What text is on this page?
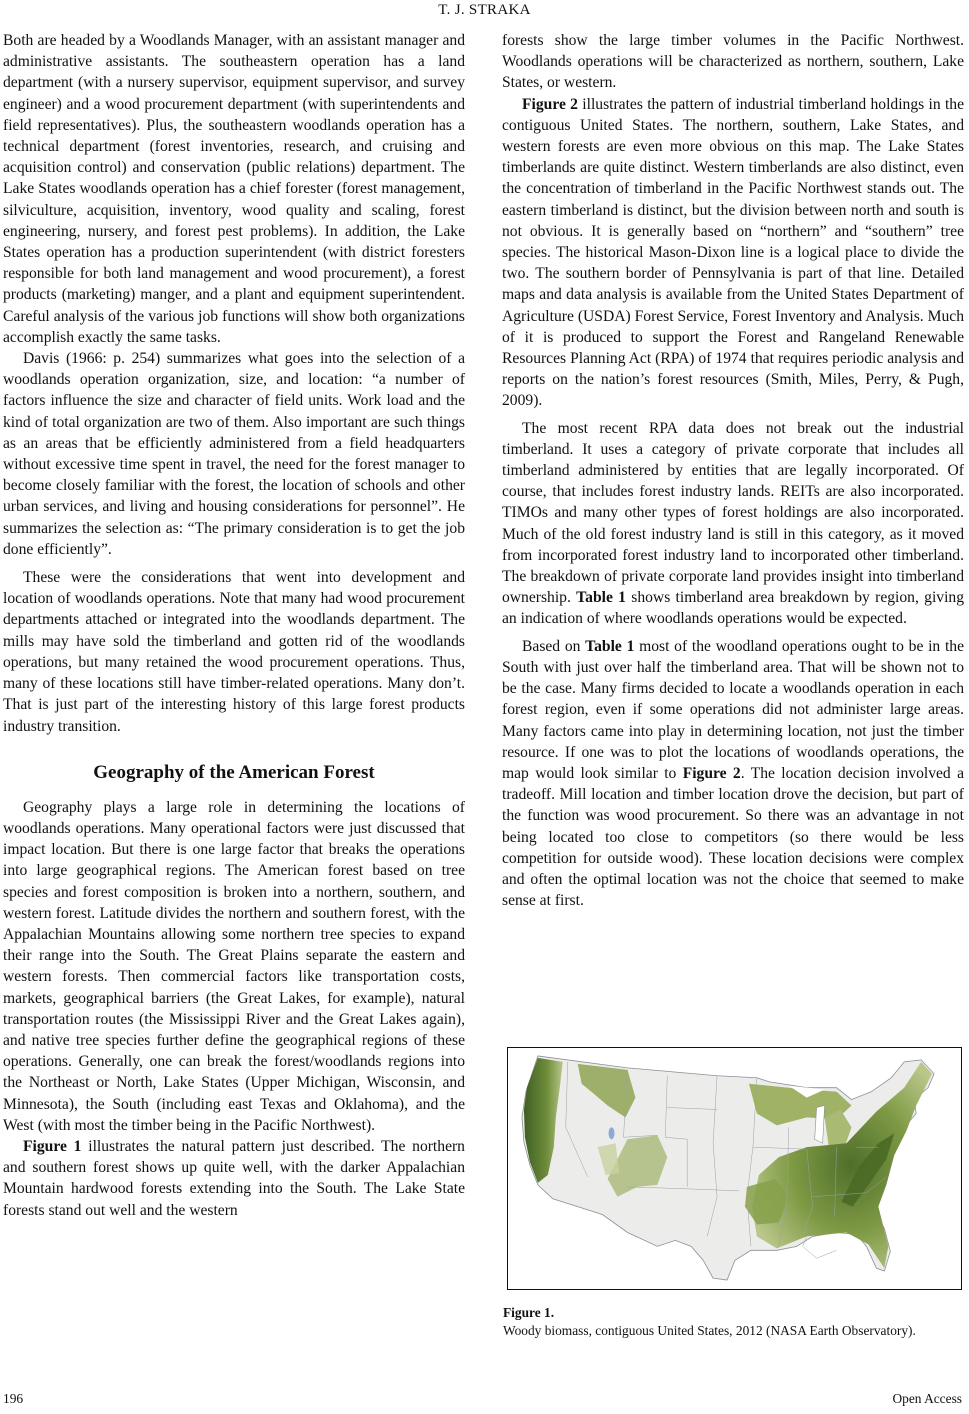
T. J. STRAKA

Both are headed by a Woodlands Manager, with an assistant manager and administrative assistants. The southeastern operation has a land department (with a nursery supervisor, equipment supervisor, and survey engineer) and a wood procurement department (with superintendents and field representatives). Plus, the southeastern woodlands operation has a technical department (forest inventories, research, and cruising and acquisition control) and conservation (public relations) department. The Lake States woodlands operation has a chief forester (forest management, silviculture, acquisition, inventory, wood quality and scaling, forest engineering, nursery, and forest pest problems). In addition, the Lake States operation has a production superintendent (with district foresters responsible for both land management and wood procurement), a forest products (marketing) manger, and a plant and equipment superintendent. Careful analysis of the various job functions will show both organizations accomplish exactly the same tasks.

Davis (1966: p. 254) summarizes what goes into the selection of a woodlands operation organization, size, and location: “a number of factors influence the size and character of field units. Work load and the kind of total organization are two of them. Also important are such things as an areas that be efficiently administered from a field headquarters without excessive time spent in travel, the need for the forest manager to become closely familiar with the forest, the location of schools and other urban services, and living and housing considerations for personnel”. He summarizes the selection as: “The primary consideration is to get the job done efficiently”.

These were the considerations that went into development and location of woodlands operations. Note that many had wood procurement departments attached or integrated into the woodlands department. The mills may have sold the timberland and gotten rid of the woodlands operations, but many retained the wood procurement operations. Thus, many of these locations still have timber-related operations. Many don’t. That is just part of the interesting history of this large forest products industry transition.

Geography of the American Forest

Geography plays a large role in determining the locations of woodlands operations. Many operational factors were just discussed that impact location. But there is one large factor that breaks the operations into large geographical regions. The American forest based on tree species and forest composition is broken into a northern, southern, and western forest. Latitude divides the northern and southern forest, with the Appalachian Mountains allowing some northern tree species to expand their range into the South. The Great Plains separate the eastern and western forests. Then commercial factors like transportation costs, markets, geographical barriers (the Great Lakes, for example), natural transportation routes (the Mississippi River and the Great Lakes again), and native tree species further define the geographical regions of these operations. Generally, one can break the forest/woodlands regions into the Northeast or North, Lake States (Upper Michigan, Wisconsin, and Minnesota), the South (including east Texas and Oklahoma), and the West (with most the timber being in the Pacific Northwest).

Figure 1 illustrates the natural pattern just described. The northern and southern forest shows up quite well, with the darker Appalachian Mountain hardwood forests extending into the South. The Lake State forests stand out well and the western

forests show the large timber volumes in the Pacific Northwest. Woodlands operations will be characterized as northern, southern, Lake States, or western.

Figure 2 illustrates the pattern of industrial timberland holdings in the contiguous United States. The northern, southern, Lake States, and western forests are even more obvious on this map. The Lake States timberlands are quite distinct. Western timberlands are also distinct, even the concentration of timberland in the Pacific Northwest stands out. The eastern timberland is distinct, but the division between north and south is not obvious. It is generally based on “northern” and “southern” tree species. The historical Mason-Dixon line is a logical place to divide the two. The southern border of Pennsylvania is part of that line. Detailed maps and data analysis is available from the United States Department of Agriculture (USDA) Forest Service, Forest Inventory and Analysis. Much of it is produced to support the Forest and Rangeland Renewable Resources Planning Act (RPA) of 1974 that requires periodic analysis and reports on the nation’s forest resources (Smith, Miles, Perry, & Pugh, 2009).

The most recent RPA data does not break out the industrial timberland. It uses a category of private corporate that includes all timberland administered by entities that are legally incorporated. Of course, that includes forest industry lands. REITs are also incorporated. TIMOs and many other types of forest holdings are also incorporated. Much of the old forest industry land is still in this category, as it moved from incorporated forest industry land to incorporated other timberland. The breakdown of private corporate land provides insight into timberland ownership. Table 1 shows timberland area breakdown by region, giving an indication of where woodlands operations would be expected.

Based on Table 1 most of the woodland operations ought to be in the South with just over half the timberland area. That will be shown not to be the case. Many firms decided to locate a woodlands operation in each forest region, even if some operations did not administer large areas. Many factors came into play in determining location, not just the timber resource. If one was to plot the locations of woodlands operations, the map would look similar to Figure 2. The location decision involved a tradeoff. Mill location and timber location drove the decision, but part of the function was wood procurement. So there was an advantage in not being located too close to competitors (so there would be less competition for outside wood). These location decisions were complex and often the optimal location was not the choice that seemed to make sense at first.

Figure 1.
Woody biomass, contiguous United States, 2012 (NASA Earth Observatory).
196	Open Access
